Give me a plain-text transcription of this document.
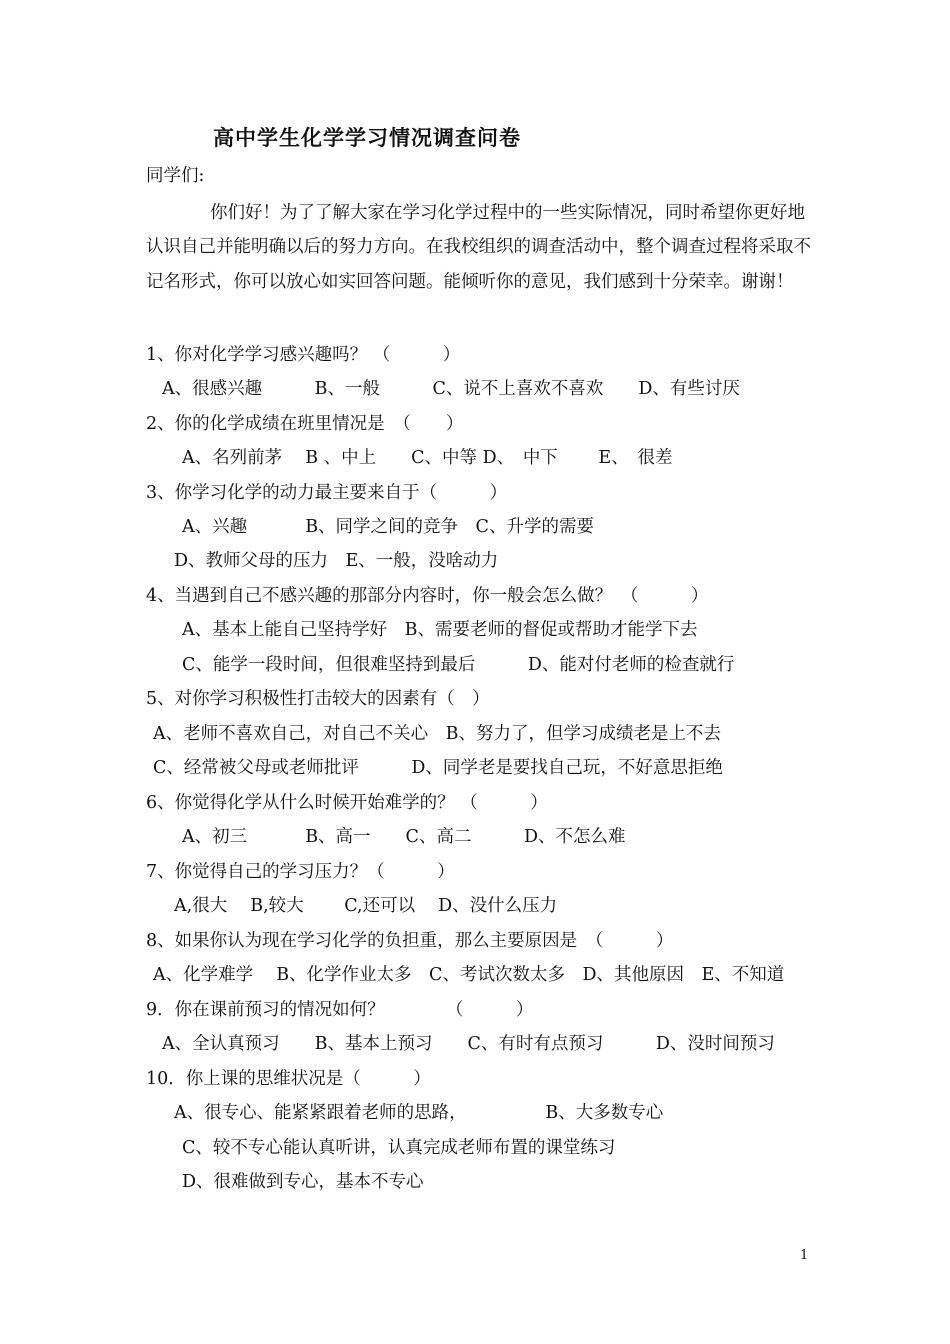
高中学生化学学习情况调查问卷
同学们:
你们好！为了了解大家在学习化学过程中的一些实际情况，同时希望你更好地认识自己并能明确以后的努力方向。在我校组织的调查活动中，整个调查过程将采取不记名形式，你可以放心如实回答问题。能倾听你的意见，我们感到十分荣幸。谢谢！
1、你对化学学习感兴趣吗？ （　　　）
A、很感兴趣　　　B、一般　　　C、说不上喜欢不喜欢　　D、有些讨厌
2、你的化学成绩在班里情况是　（　　）
A、名列前茅　 B 、中上　　C、中等 D、　中下　　 E、　很差
3、你学习化学的动力最主要来自于（　　　）
A、兴趣　　　 B、同学之间的竞争　C、升学的需要
D、教师父母的压力　E、一般，没啥动力
4、当遇到自己不感兴趣的那部分内容时，你一般会怎么做？　（　　　）
A、基本上能自己坚持学好　B、需要老师的督促或帮助才能学下去
C、能学一段时间，但很难坚持到最后　　　D、能对付老师的检查就行
5、对你学习积极性打击较大的因素有（　）
A、老师不喜欢自己，对自己不关心　B、努力了，但学习成绩老是上不去
C、经常被父母或老师批评　　　D、同学老是要找自己玩，不好意思拒绝
6、你觉得化学从什么时候开始难学的？ （　　　）
A、初三　　　 B、高一　　C、高二　　　D、不怎么难
7、你觉得自己的学习压力？（　　　）
A,很大　 B,较大　　 C,还可以　 D、没什么压力
8、如果你认为现在学习化学的负担重，那么主要原因是　（　　　）
A、化学难学　 B、化学作业太多　C、考试次数太多　D、其他原因　E、不知道
9．你在课前预习的情况如何？　　　　（　　　）
A、全认真预习　　B、基本上预习　　C、有时有点预习　　　D、没时间预习
10．你上课的思维状况是（　　　）
A、很专心、能紧紧跟着老师的思路，　　　　　B、大多数专心
C、较不专心能认真听讲，认真完成老师布置的课堂练习
D、很难做到专心，基本不专心
1
